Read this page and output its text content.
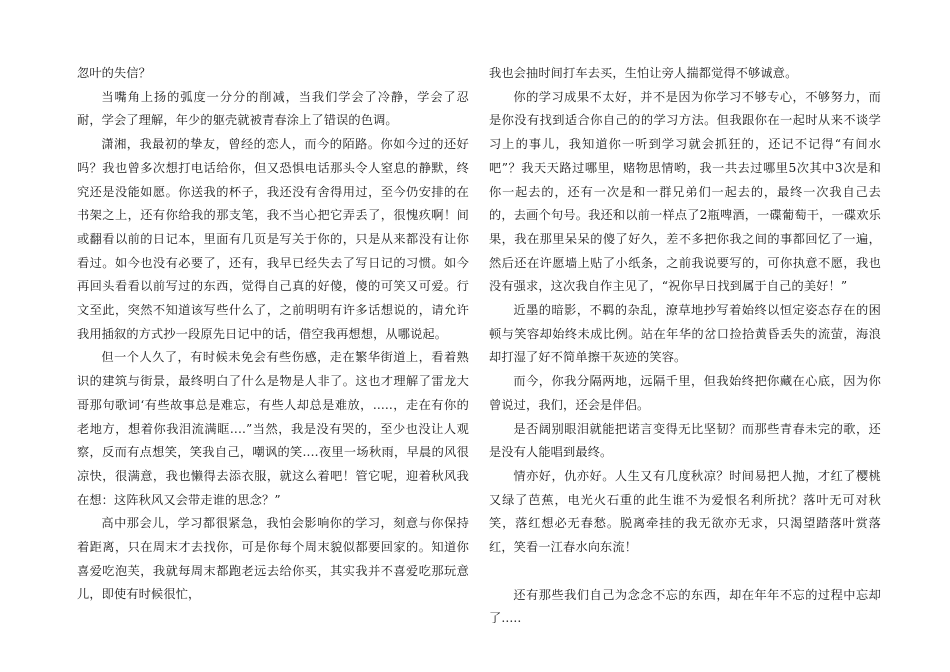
忽叶的失信？

当嘴角上扬的弧度一分分的削减，当我们学会了冷静，学会了忍耐，学会了理解，年少的躯壳就被青春涂上了错误的色调。

潇湘，我最初的挚友，曾经的恋人，而今的陌路。你如今过的还好吗？我也曾多次想打电话给你，但又恐惧电话那头令人窒息的静默，终究还是没能如愿。你送我的杯子，我还没有舍得用过，至今仍安排的在书架之上，还有你给我的那支笔，我不当心把它弄丢了，很愧疚啊！间或翻看以前的日记本，里面有几页是写关于你的，只是从来都没有让你看过。如今也没有必要了，还有，我早已经失去了写日记的习惯。如今再回头看看以前写过的东西，觉得自己真的好傻，傻的可笑又可爱。行文至此，突然不知道该写些什么了，之前明明有许多话想说的，请允许我用插叙的方式抄一段原先日记中的话，借空我再想想，从哪说起。

但一个人久了，有时候未免会有些伤感，走在繁华街道上，看着熟识的建筑与街景，最终明白了什么是物是人非了。这也才理解了雷龙大哥那句歌词‘有些故事总是难忘，有些人却总是难放，.....，走在有你的老地方，想着你我泪流满眶....”当然，我是没有哭的，至少也没让人观察，反而有点想笑，笑我自己，嘲讽的笑....夜里一场秋雨，早晨的风很凉快，很满意，我也懒得去添衣服，就这么着吧！管它呢，迎着秋风我在想：这阵秋风又会带走谁的思念？”

高中那会儿，学习都很紧急，我怕会影响你的学习，刻意与你保持着距离，只在周末才去找你，可是你每个周末貌似都要回家的。知道你喜爱吃泡芙，我就每周末都跑老远去给你买，其实我并不喜爱吃那玩意儿，即使有时候很忙，

我也会抽时间打车去买，生怕让旁人揣都觉得不够诚意。

你的学习成果不太好，并不是因为你学习不够专心，不够努力，而是你没有找到适合你自己的的学习方法。但我跟你在一起时从来不谈学习上的事儿，我知道你一听到学习就会抓狂的，还记不记得“有间水吧”？我天天路过哪里，赌物思情哟，我一共去过哪里5次其中3次是和你一起去的，还有一次是和一群兄弟们一起去的，最终一次我自己去的，去画个句号。我还和以前一样点了2瓶啤酒，一碟葡萄干，一碟欢乐果，我在那里呆呆的傻了好久，差不多把你我之间的事都回忆了一遍，然后还在许愿墙上贴了小纸条，之前我说要写的，可你执意不愿，我也没有强求，这次我自作主见了，“祝你早日找到属于自己的美好！”

近墨的暗影，不羁的杂乱，潦草地抄写着始终以恒定姿态存在的困顿与笑容却始终未成比例。站在年华的岔口捡拾黄昏丢失的流萤，海浪却打湿了好不简单擦干灰迹的笑容。

而今，你我分隔两地，远隔千里，但我始终把你藏在心底，因为你曾说过，我们，还会是伴侣。

是否阔别眼泪就能把诺言变得无比坚韧？而那些青春未完的歌，还是没有人能唱到最终。

情亦好，仇亦好。人生又有几度秋凉？时间易把人抛，才红了樱桃又绿了芭蕉，电光火石重的此生谁不为爱恨名利所扰？落叶无可对秋笑，落红想必无春愁。脱离牵挂的我无欲亦无求，只渴望踏落叶赏落红，笑看一江春水向东流！

还有那些我们自己为念念不忘的东西，却在年年不忘的过程中忘却了.....
